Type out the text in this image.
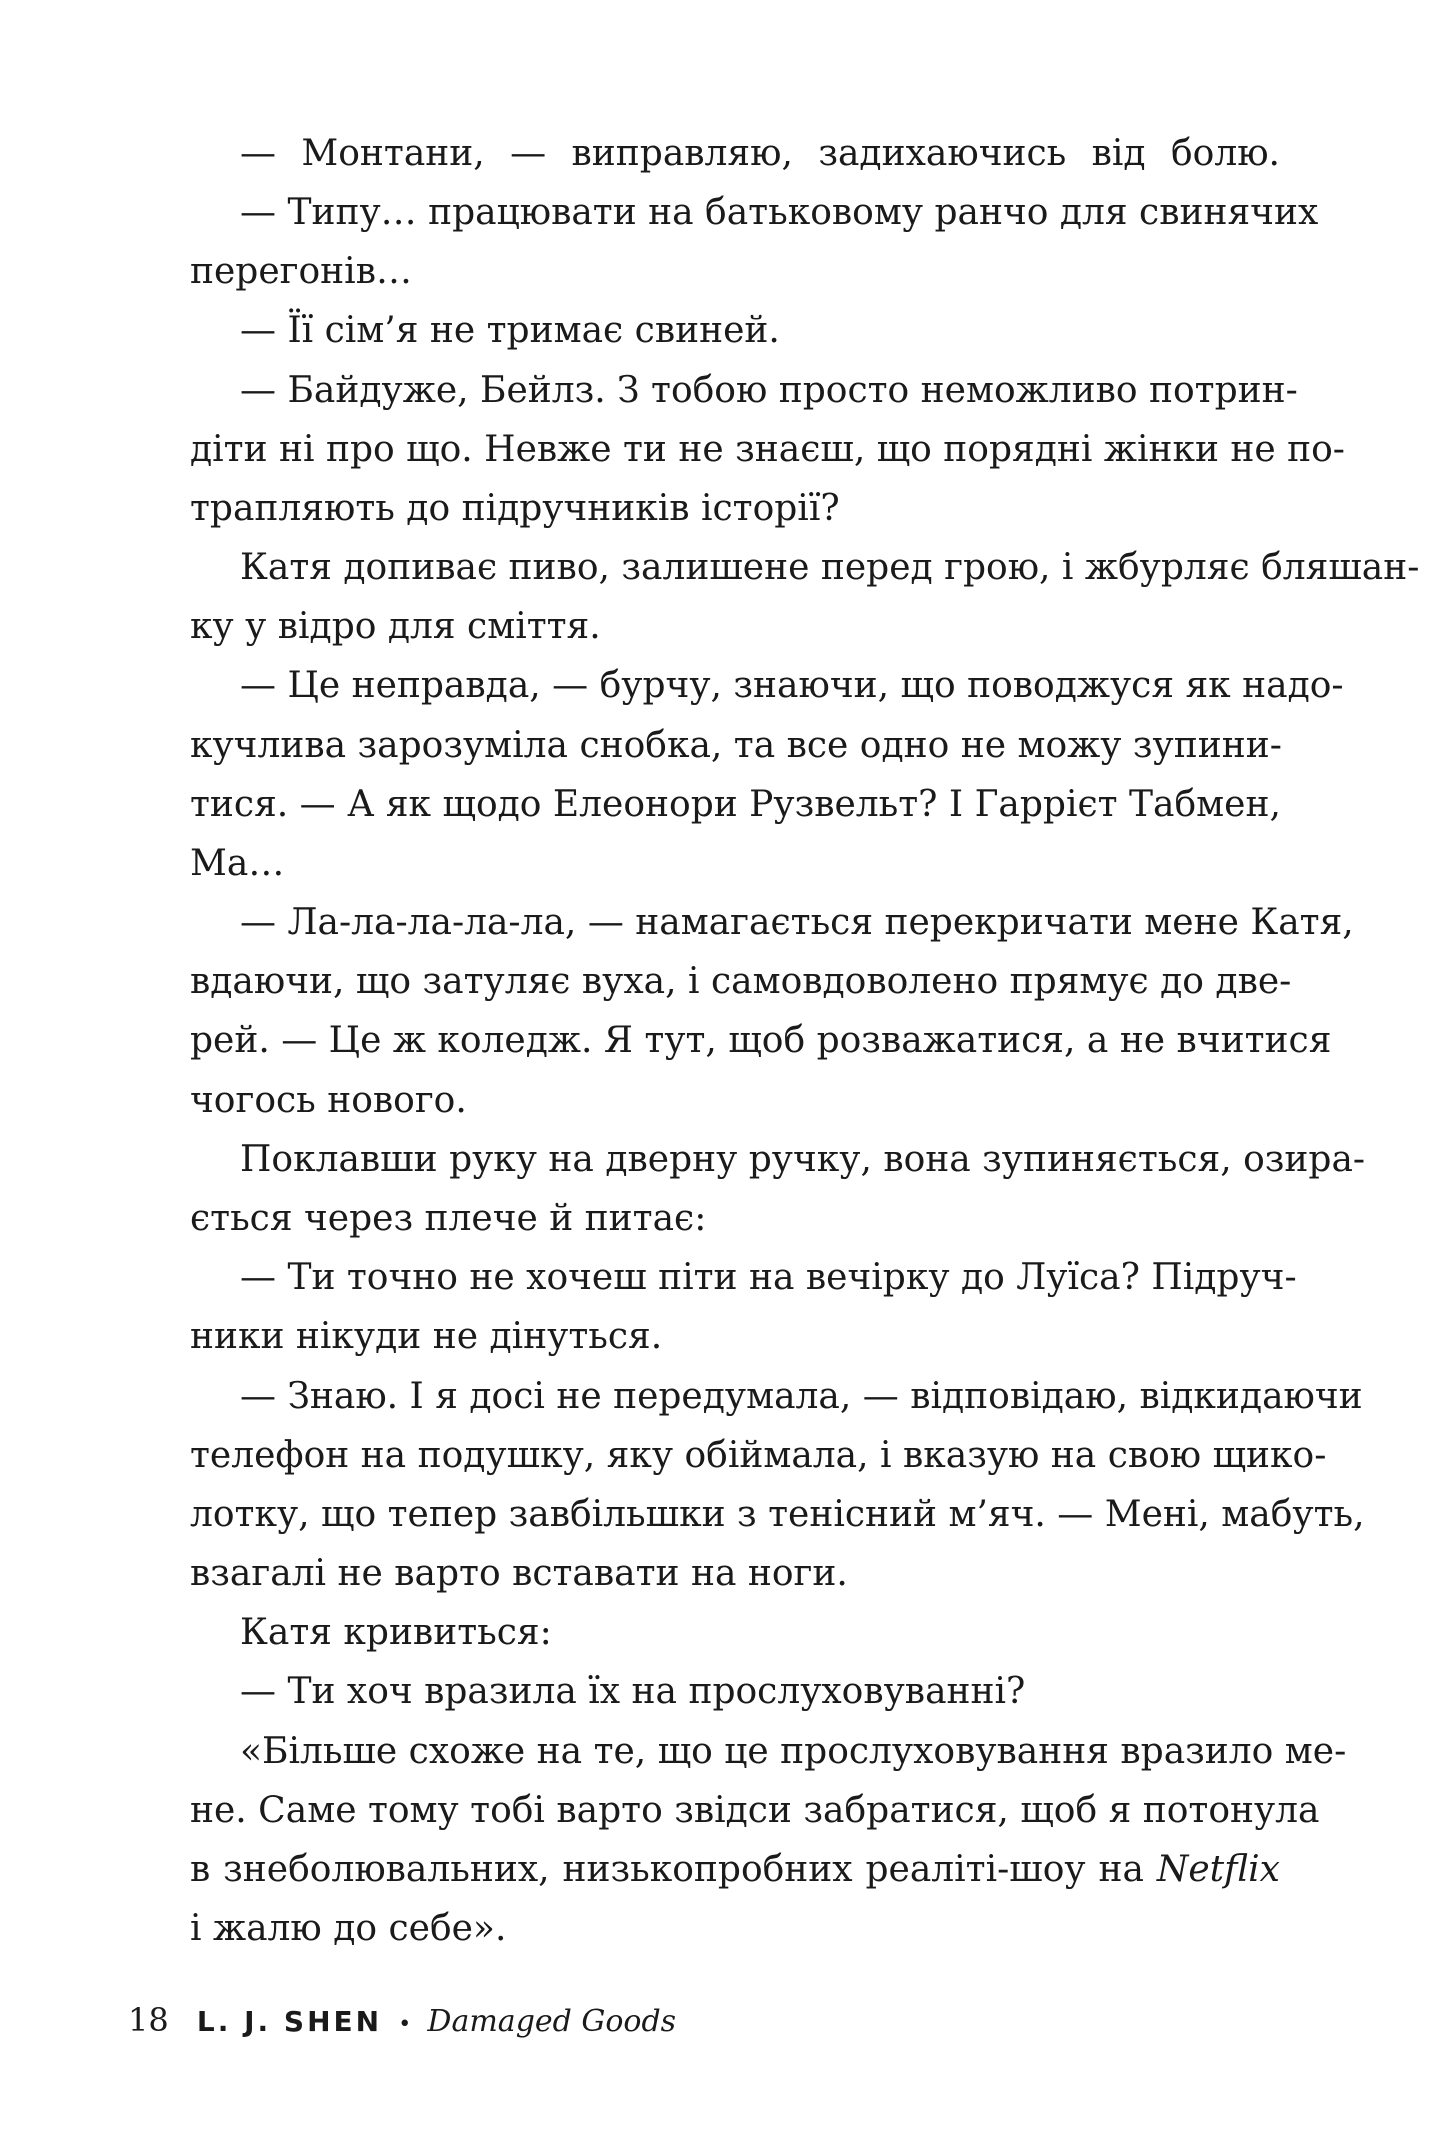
— Монтани, — виправляю, задихаючись від болю.
— Типу… працювати на батьковому ранчо для свинячих
перегонів…
— Її сім’я не тримає свиней.
— Байдуже, Бейлз. З тобою просто неможливо потрин-
діти ні про що. Невже ти не знаєш, що порядні жінки не по-
трапляють до підручників історії?
Катя допиває пиво, залишене перед грою, і жбурляє бляшан-
ку у відро для сміття.
— Це неправда, — бурчу, знаючи, що поводжуся як надо-
кучлива зарозуміла снобка, та все одно не можу зупини-
тися. — А як щодо Елеонори Рузвельт? І Гаррієт Табмен,
Ма…
— Ла-ла-ла-ла-ла, — намагається перекричати мене Катя,
вдаючи, що затуляє вуха, і самовдоволено прямує до две-
рей. — Це ж коледж. Я тут, щоб розважатися, а не вчитися
чогось нового.
Поклавши руку на дверну ручку, вона зупиняється, озира-
ється через плече й питає:
— Ти точно не хочеш піти на вечірку до Луїса? Підруч-
ники нікуди не дінуться.
— Знаю. І я досі не передумала, — відповідаю, відкидаючи
телефон на подушку, яку обіймала, і вказую на свою щико-
лотку, що тепер завбільшки з тенісний м’яч. — Мені, мабуть,
взагалі не варто вставати на ноги.
Катя кривиться:
— Ти хоч вразила їх на прослуховуванні?
«Більше схоже на те, що це прослуховування вразило ме-
не. Саме тому тобі варто звідси забратися, щоб я потонула
в знеболювальних, низькопробних реаліті-шоу на Netflix
і жалю до себе».
18 L. J. SHEN • Damaged Goods
